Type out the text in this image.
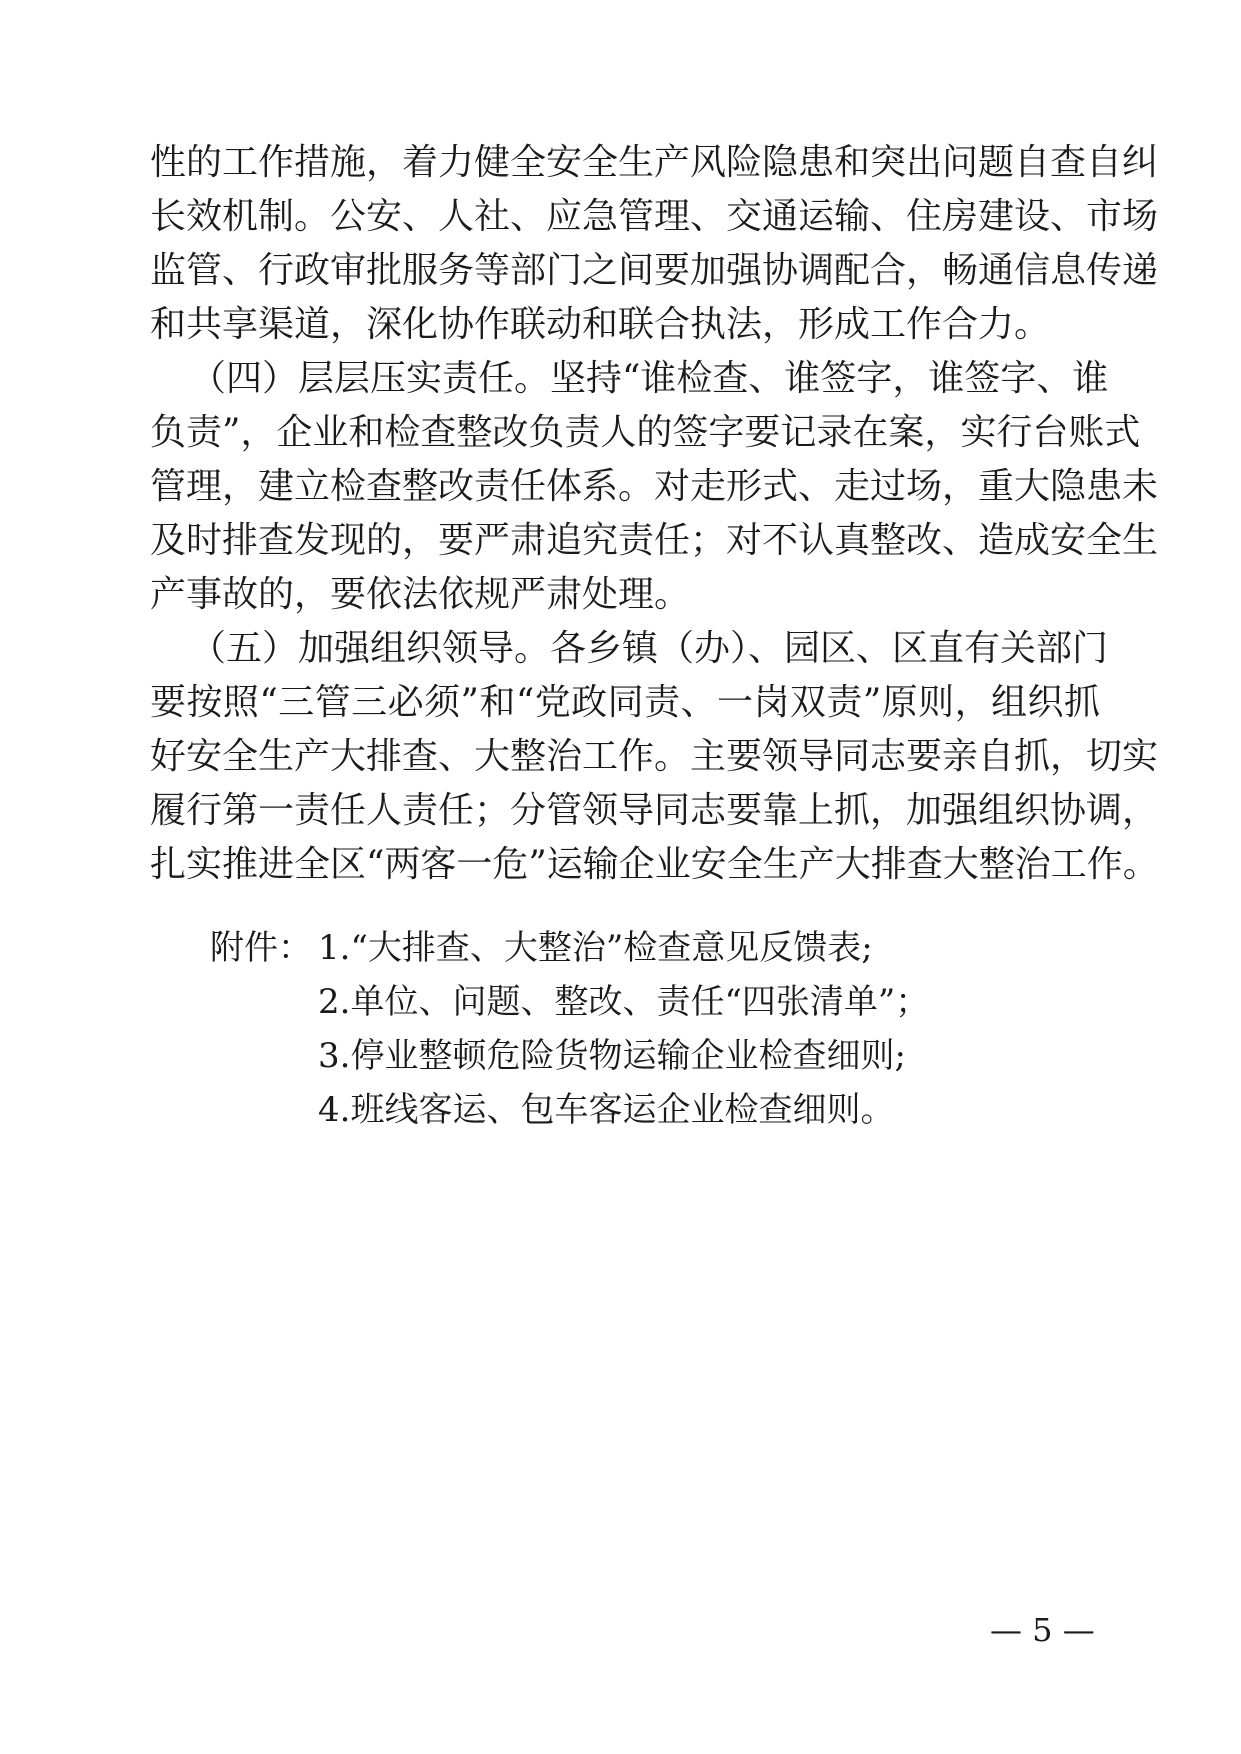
性的工作措施，着力健全安全生产风险隐患和突出问题自查自纠
长效机制。公安、人社、应急管理、交通运输、住房建设、市场
监管、行政审批服务等部门之间要加强协调配合，畅通信息传递
和共享渠道，深化协作联动和联合执法，形成工作合力。
（四）层层压实责任。坚持“谁检查、谁签字，谁签字、谁
负责”，企业和检查整改负责人的签字要记录在案，实行台账式
管理，建立检查整改责任体系。对走形式、走过场，重大隐患未
及时排查发现的，要严肃追究责任；对不认真整改、造成安全生
产事故的，要依法依规严肃处理。
（五）加强组织领导。各乡镇（办）、园区、区直有关部门
要按照“三管三必须”和“党政同责、一岗双责”原则，组织抓
好安全生产大排查、大整治工作。主要领导同志要亲自抓，切实
履行第一责任人责任；分管领导同志要靠上抓，加强组织协调，
扎实推进全区“两客一危”运输企业安全生产大排查大整治工作。
附件： 1.“大排查、大整治”检查意见反馈表;
2.单位、问题、整改、责任“四张清单”；
3.停业整顿危险货物运输企业检查细则;
4.班线客运、包车客运企业检查细则。
— 5 —
